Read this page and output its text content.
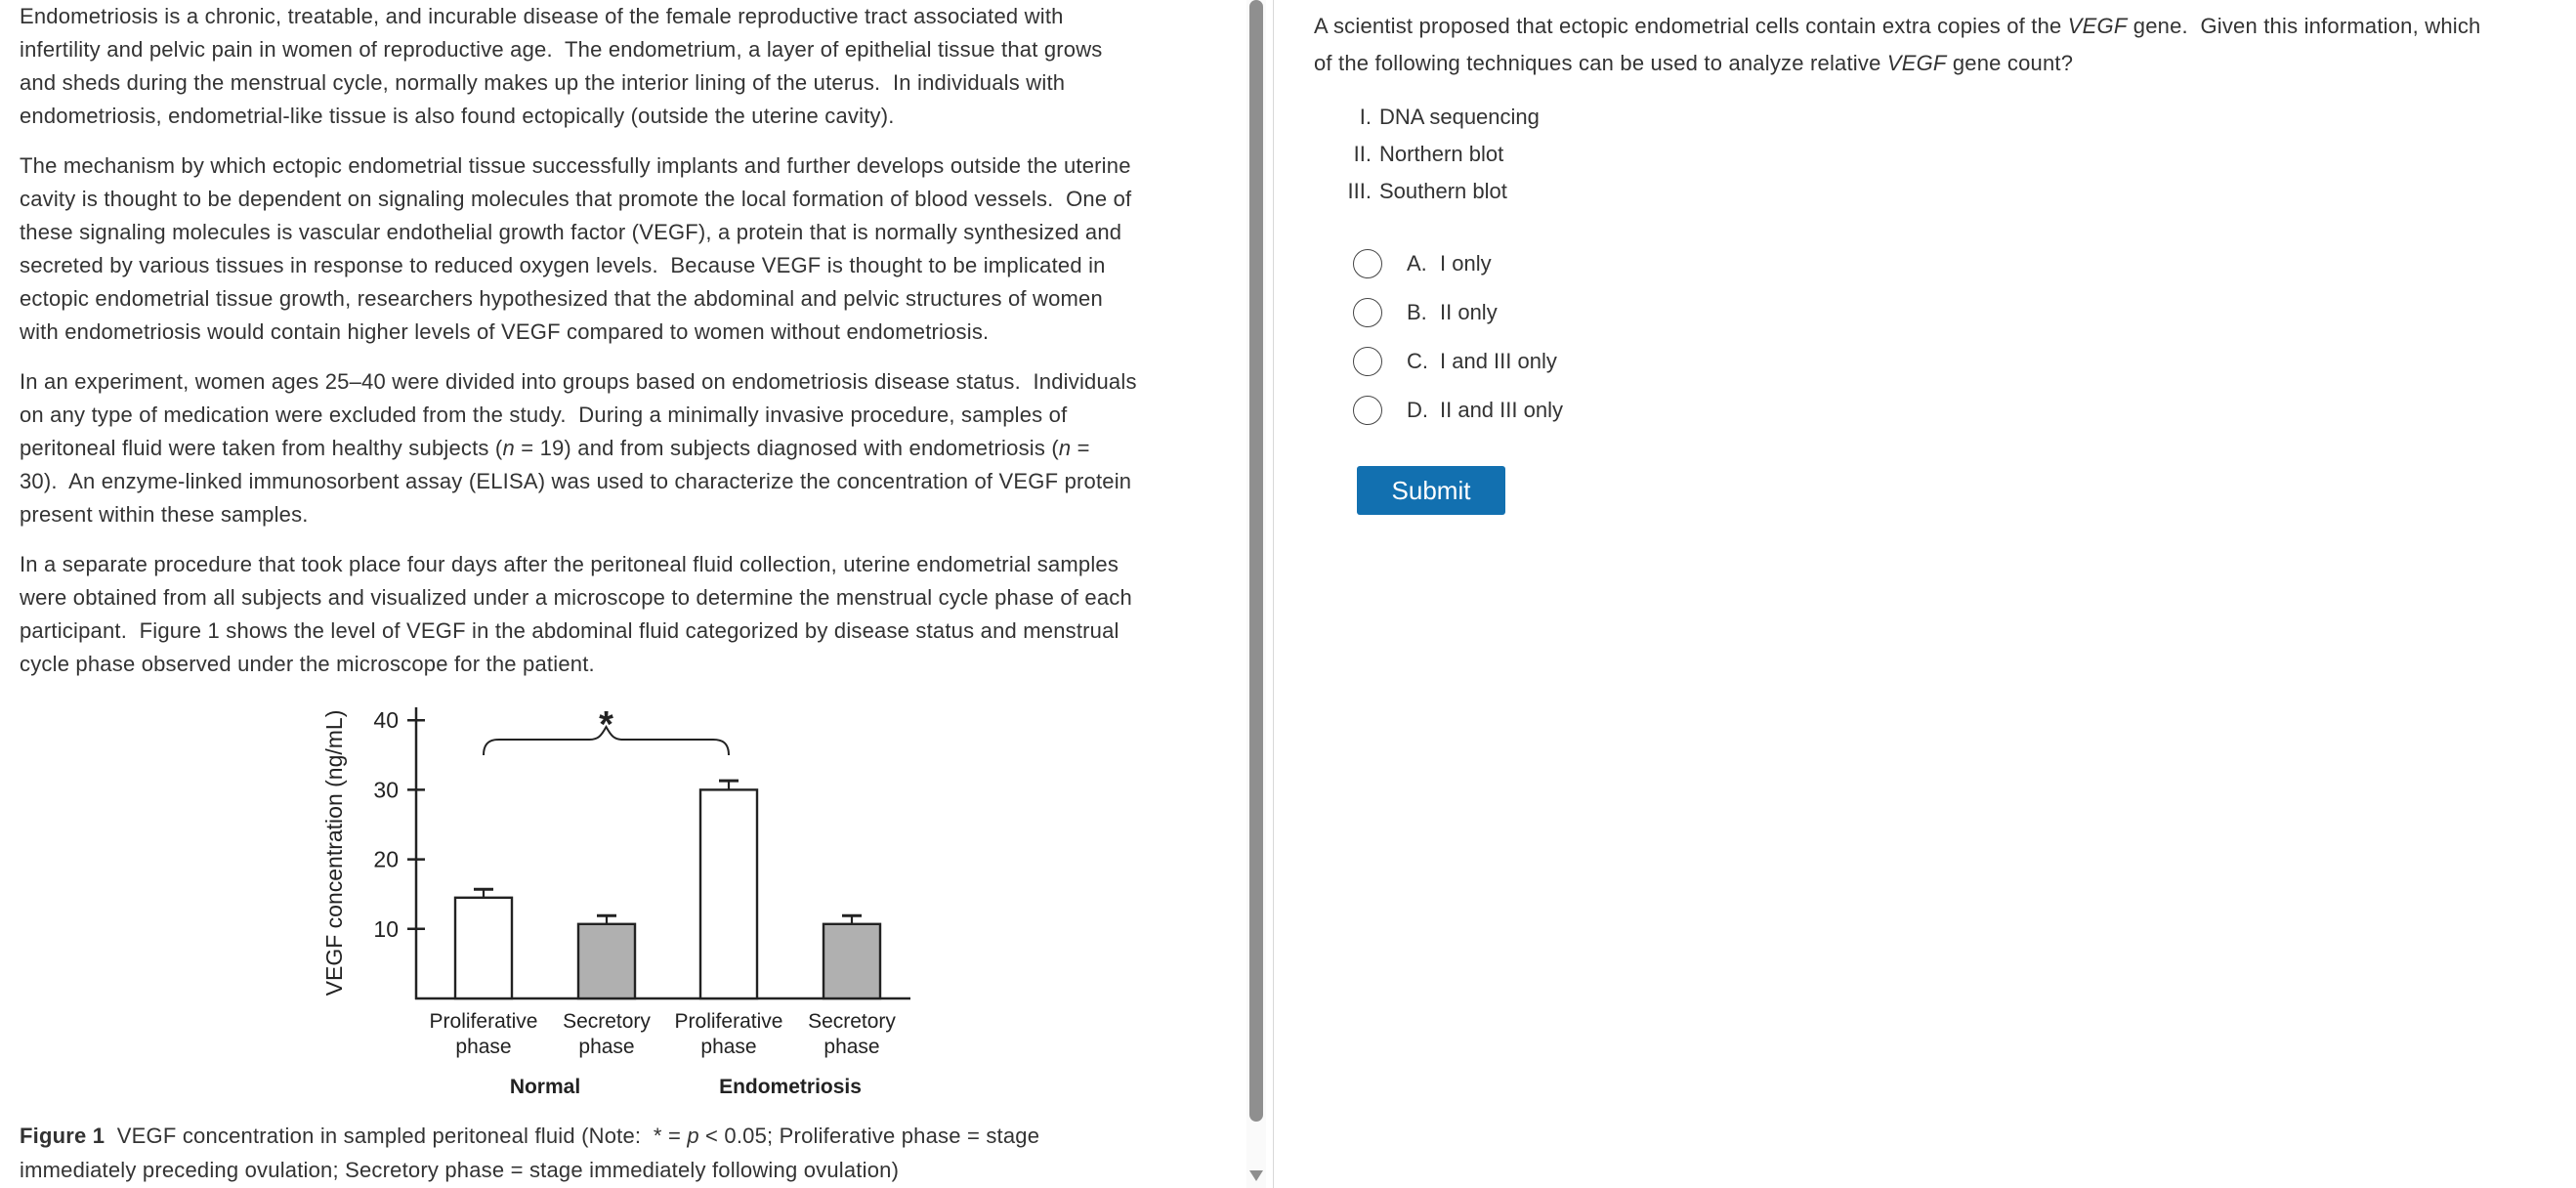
Endometriosis is a chronic, treatable, and incurable disease of the female reproductive tract associated with
infertility and pelvic pain in women of reproductive age.  The endometrium, a layer of epithelial tissue that grows
and sheds during the menstrual cycle, normally makes up the interior lining of the uterus.  In individuals with
endometriosis, endometrial-like tissue is also found ectopically (outside the uterine cavity).

The mechanism by which ectopic endometrial tissue successfully implants and further develops outside the uterine
cavity is thought to be dependent on signaling molecules that promote the local formation of blood vessels.  One of
these signaling molecules is vascular endothelial growth factor (VEGF), a protein that is normally synthesized and
secreted by various tissues in response to reduced oxygen levels.  Because VEGF is thought to be implicated in
ectopic endometrial tissue growth, researchers hypothesized that the abdominal and pelvic structures of women
with endometriosis would contain higher levels of VEGF compared to women without endometriosis.

In an experiment, women ages 25–40 were divided into groups based on endometriosis disease status.  Individuals
on any type of medication were excluded from the study.  During a minimally invasive procedure, samples of
peritoneal fluid were taken from healthy subjects (n = 19) and from subjects diagnosed with endometriosis (n =
30).  An enzyme-linked immunosorbent assay (ELISA) was used to characterize the concentration of VEGF protein
present within these samples.

In a separate procedure that took place four days after the peritoneal fluid collection, uterine endometrial samples
were obtained from all subjects and visualized under a microscope to determine the menstrual cycle phase of each
participant.  Figure 1 shows the level of VEGF in the abdominal fluid categorized by disease status and menstrual
cycle phase observed under the microscope for the patient.

10
20
30
40
VEGF concentration (ng/mL)
Proliferative
phase
Secretory
phase
Proliferative
phase
Secretory
phase
Normal	Endometriosis
*
Figure 1  VEGF concentration in sampled peritoneal fluid (Note:  * = p < 0.05; Proliferative phase = stage
immediately preceding ovulation; Secretory phase = stage immediately following ovulation)
A scientist proposed that ectopic endometrial cells contain extra copies of the VEGF gene.  Given this information, which
of the following techniques can be used to analyze relative VEGF gene count?
I. DNA sequencing
II. Northern blot
III. Southern blot
A. I only
B. II only
C. I and III only
D. II and III only
Submit
